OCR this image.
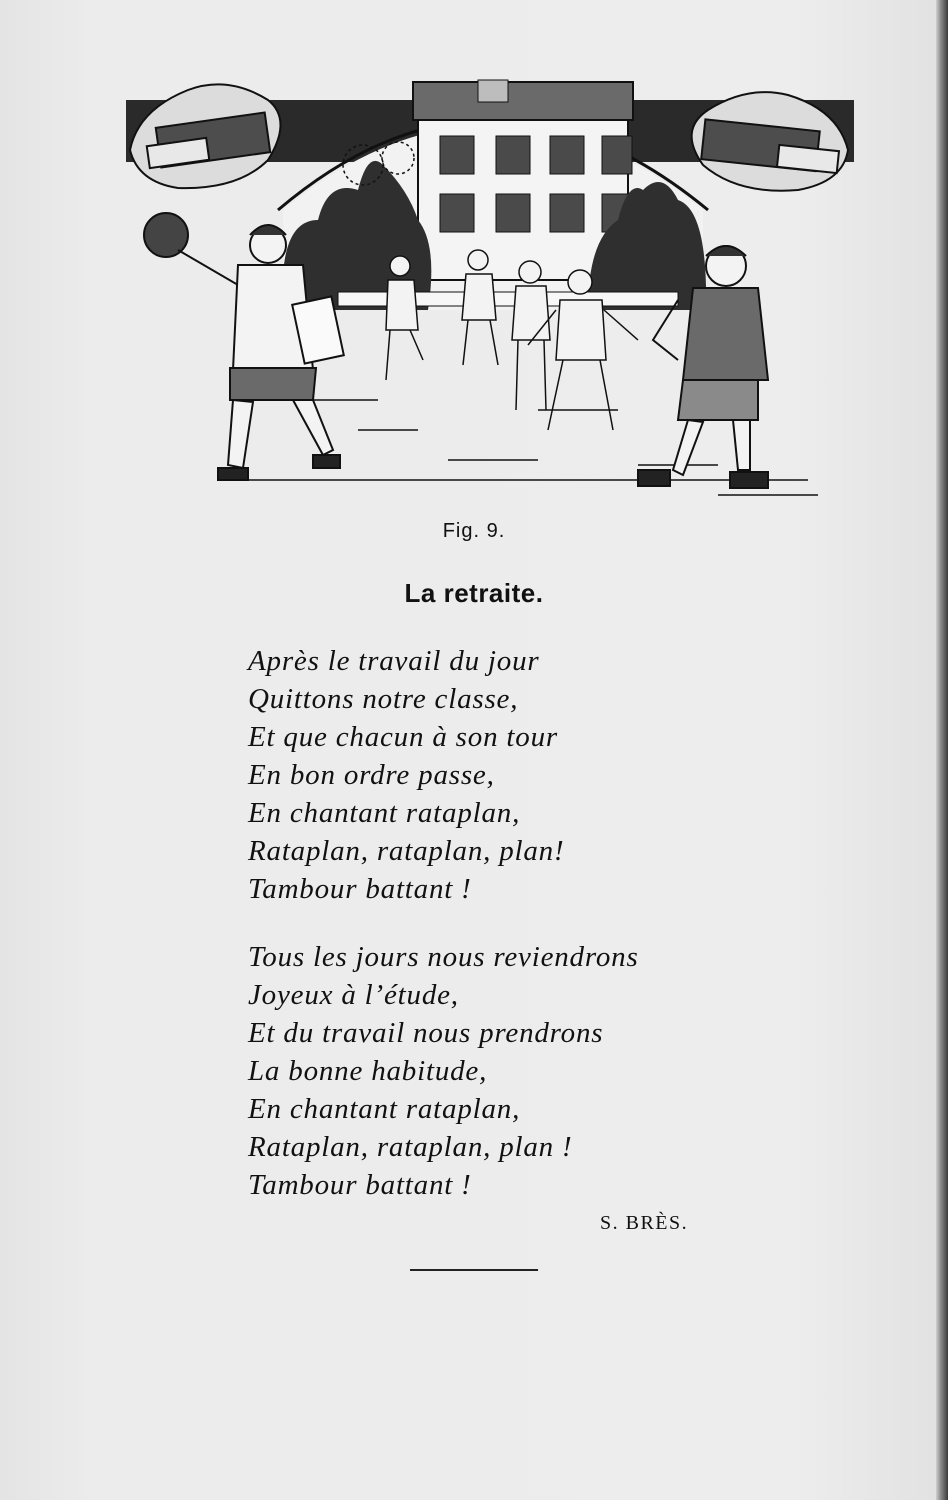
Fig. 9.
La retraite.
Après le travail du jour
Quittons notre classe,
Et que chacun à son tour
En bon ordre passe,
En chantant rataplan,
Rataplan, rataplan, plan!
Tambour battant !
Tous les jours nous reviendrons
Joyeux à l’étude,
Et du travail nous prendrons
La bonne habitude,
En chantant rataplan,
Rataplan, rataplan, plan !
Tambour battant !
S. BRÈS.
